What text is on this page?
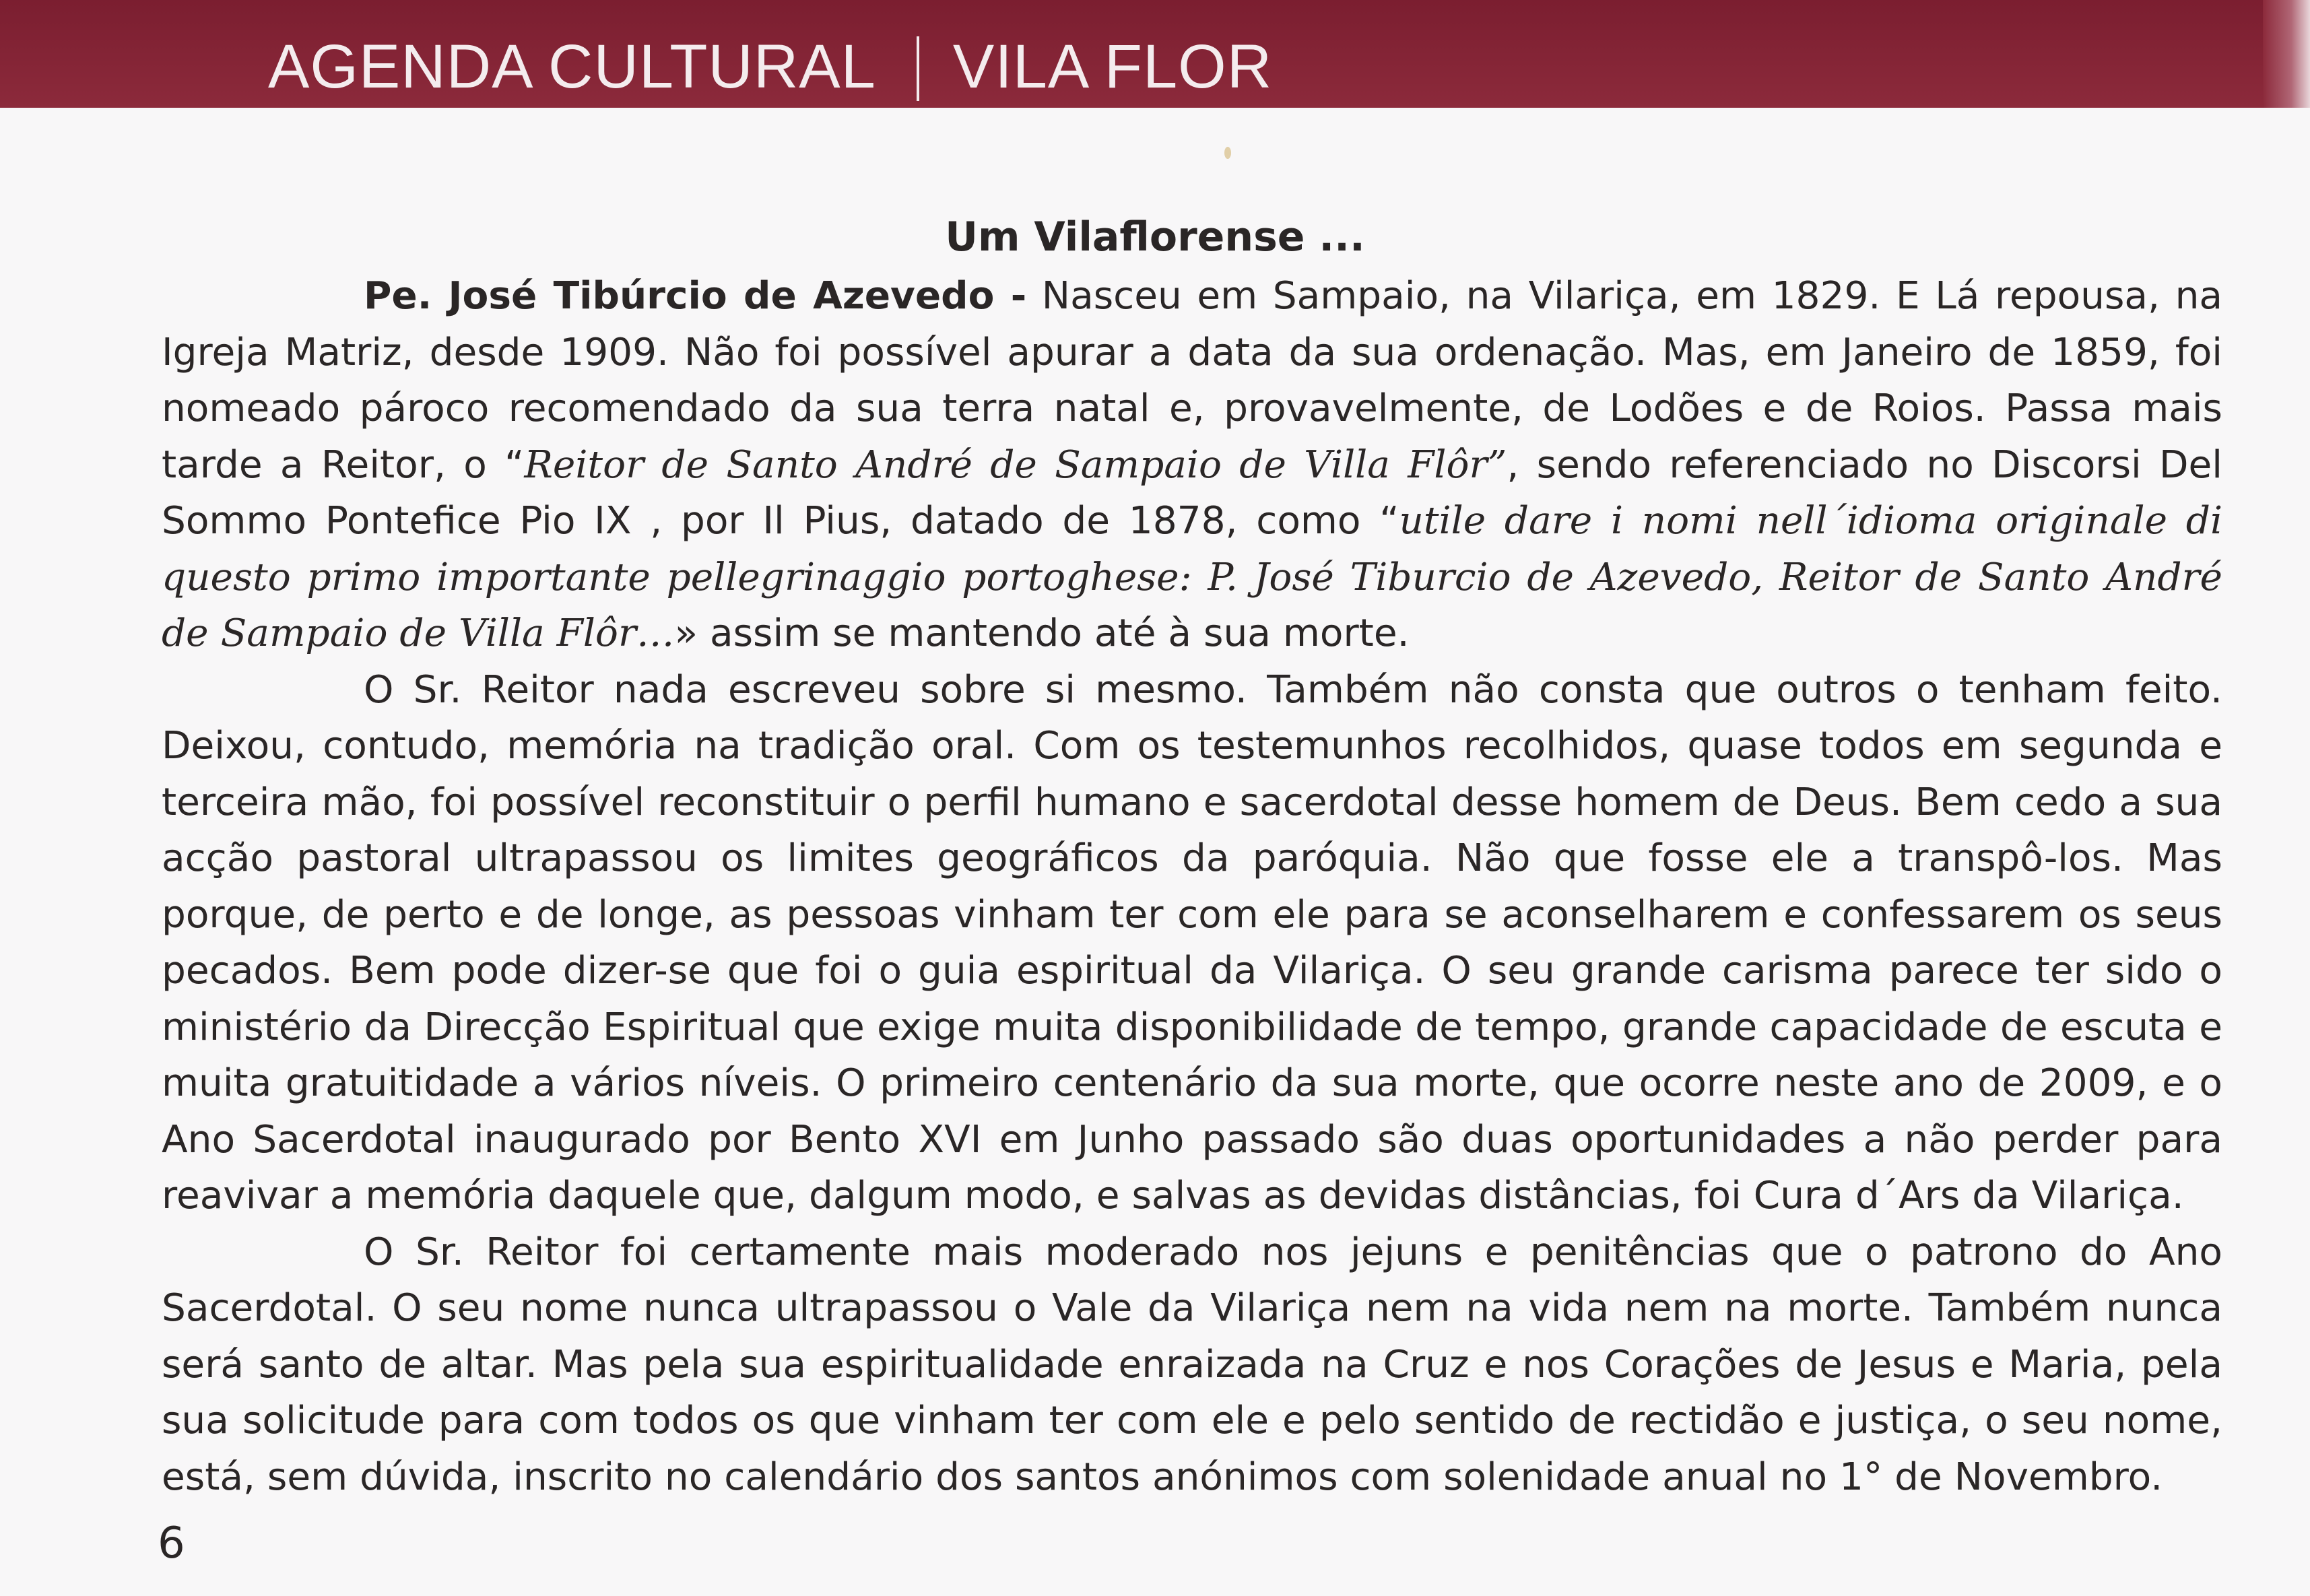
AGENDA CULTURAL VILA FLOR
Um Vilaflorense ...

Pe. José Tibúrcio de Azevedo - Nasceu em Sampaio, na Vilariça, em 1829. E Lá repousa, na Igreja Matriz, desde 1909. Não foi possível apurar a data da sua ordenação. Mas, em Janeiro de 1859, foi nomeado pároco recomendado da sua terra natal e, provavelmente, de Lodões e de Roios. Passa mais tarde a Reitor, o “Reitor de Santo André de Sampaio de Villa Flôr”, sendo referenciado no Discorsi Del Sommo Pontefice Pio IX , por Il Pius, datado de 1878, como “utile dare i nomi nell´idioma originale di questo primo importante pellegrinaggio portoghese: P. José Tiburcio de Azevedo, Reitor de Santo André de Sampaio de Villa Flôr…» assim se mantendo até à sua morte.

O Sr. Reitor nada escreveu sobre si mesmo. Também não consta que outros o tenham feito. Deixou, contudo, memória na tradição oral. Com os testemunhos recolhidos, quase todos em segunda e terceira mão, foi possível reconstituir o perfil humano e sacerdotal desse homem de Deus. Bem cedo a sua acção pastoral ultrapassou os limites geográficos da paróquia. Não que fosse ele a transpô-los. Mas porque, de perto e de longe, as pessoas vinham ter com ele para se aconselharem e confessarem os seus pecados. Bem pode dizer-se que foi o guia espiritual da Vilariça. O seu grande carisma parece ter sido o ministério da Direcção Espiritual que exige muita disponibilidade de tempo, grande capacidade de escuta e muita gratuitidade a vários níveis. O primeiro centenário da sua morte, que ocorre neste ano de 2009, e o Ano Sacerdotal inaugurado por Bento XVI em Junho passado são duas oportunidades a não perder para reavivar a memória daquele que, dalgum modo, e salvas as devidas distâncias, foi Cura d´Ars da Vilariça.

O Sr. Reitor foi certamente mais moderado nos jejuns e penitências que o patrono do Ano Sacerdotal. O seu nome nunca ultrapassou o Vale da Vilariça nem na vida nem na morte. Também nunca será santo de altar. Mas pela sua espiritualidade enraizada na Cruz e nos Corações de Jesus e Maria, pela sua solicitude para com todos os que vinham ter com ele e pelo sentido de rectidão e justiça, o seu nome, está, sem dúvida, inscrito no calendário dos santos anónimos com solenidade anual no 1° de Novembro.

6
